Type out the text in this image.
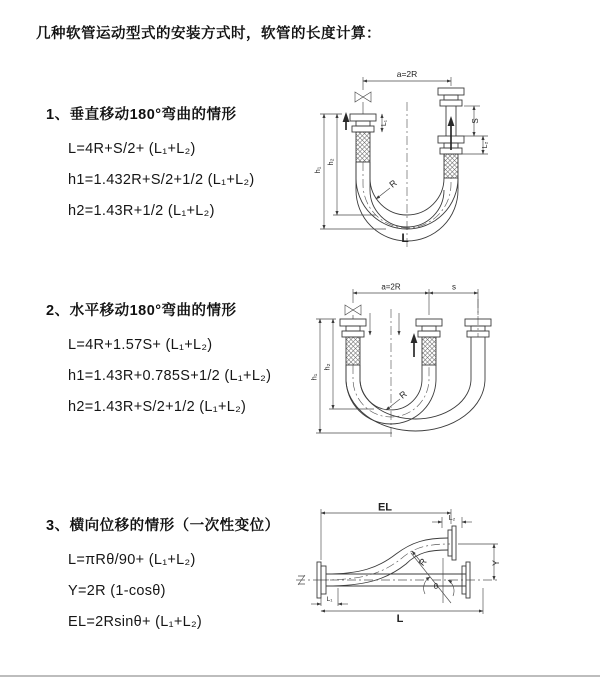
几种软管运动型式的安装方式时，软管的长度计算：
1、垂直移动180°弯曲的情形
L=4R+S/2+ (L₁+L₂)
h1=1.432R+S/2+1/2 (L₁+L₂)
h2=1.43R+1/2 (L₁+L₂)
a=2R
L₁	S
L₂
h₁
h₂
R
L
2、水平移动180°弯曲的情形
L=4R+1.57S+ (L₁+L₂)
h1=1.43R+0.785S+1/2 (L₁+L₂)
h2=1.43R+S/2+1/2 (L₁+L₂)
a=2R	s
h₁
h₂
R
3、横向位移的情形（一次性变位）
L=πRθ/90+ (L₁+L₂)
Y=2R (1-cosθ)
EL=2Rsinθ+ (L₁+L₂)
EL
L₂
Y
θ
R
L₁
L
